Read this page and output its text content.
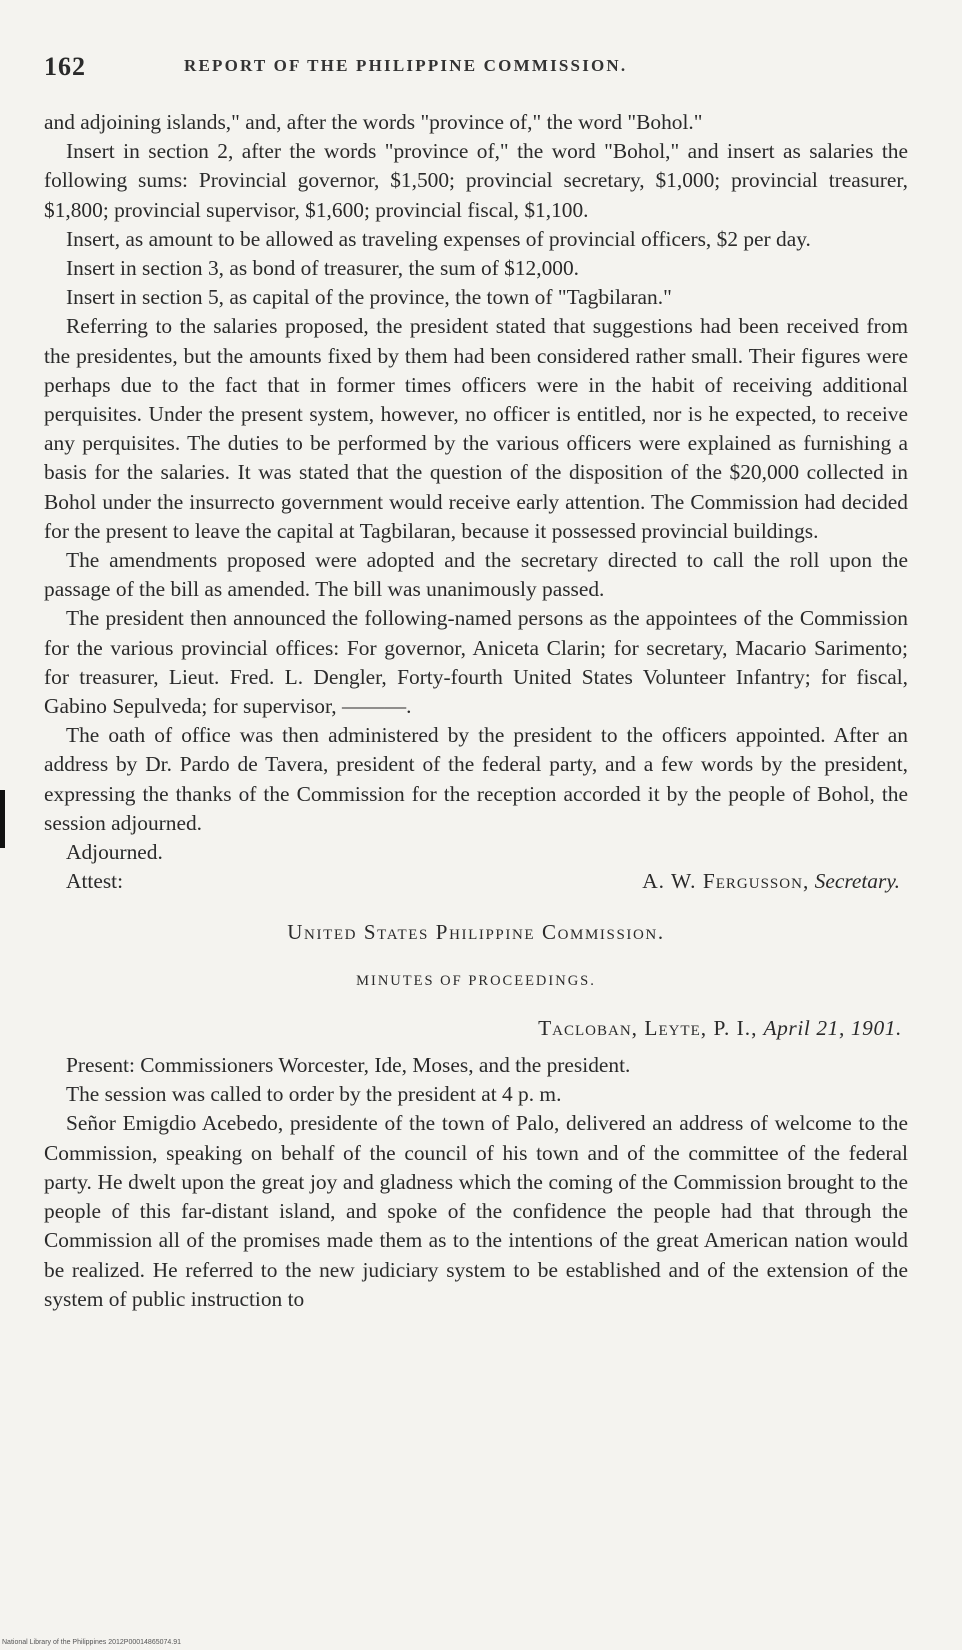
162	REPORT OF THE PHILIPPINE COMMISSION.

and adjoining islands," and, after the words "province of," the word "Bohol."

Insert in section 2, after the words "province of," the word "Bohol," and insert as salaries the following sums: Provincial governor, $1,500; provincial secretary, $1,000; provincial treasurer, $1,800; provincial supervisor, $1,600; provincial fiscal, $1,100.

Insert, as amount to be allowed as traveling expenses of provincial officers, $2 per day.

Insert in section 3, as bond of treasurer, the sum of $12,000.

Insert in section 5, as capital of the province, the town of "Tagbilaran."

Referring to the salaries proposed, the president stated that suggestions had been received from the presidentes, but the amounts fixed by them had been considered rather small. Their figures were perhaps due to the fact that in former times officers were in the habit of receiving additional perquisites. Under the present system, however, no officer is entitled, nor is he expected, to receive any perquisites. The duties to be performed by the various officers were explained as furnishing a basis for the salaries. It was stated that the question of the disposition of the $20,000 collected in Bohol under the insurrecto government would receive early attention. The Commission had decided for the present to leave the capital at Tagbilaran, because it possessed provincial buildings.

The amendments proposed were adopted and the secretary directed to call the roll upon the passage of the bill as amended. The bill was unanimously passed.

The president then announced the following-named persons as the appointees of the Commission for the various provincial offices: For governor, Aniceta Clarin; for secretary, Macario Sarimento; for treasurer, Lieut. Fred. L. Dengler, Forty-fourth United States Volunteer Infantry; for fiscal, Gabino Sepulveda; for supervisor, ———.

The oath of office was then administered by the president to the officers appointed. After an address by Dr. Pardo de Tavera, president of the federal party, and a few words by the president, expressing the thanks of the Commission for the reception accorded it by the people of Bohol, the session adjourned.

Adjourned.
Attest:	A. W. Fergusson, Secretary.
United States Philippine Commission.
MINUTES OF PROCEEDINGS.
Tacloban, Leyte, P. I., April 21, 1901.

Present: Commissioners Worcester, Ide, Moses, and the president.

The session was called to order by the president at 4 p. m.

Señor Emigdio Acebedo, presidente of the town of Palo, delivered an address of welcome to the Commission, speaking on behalf of the council of his town and of the committee of the federal party. He dwelt upon the great joy and gladness which the coming of the Commission brought to the people of this far-distant island, and spoke of the confidence the people had that through the Commission all of the promises made them as to the intentions of the great American nation would be realized. He referred to the new judiciary system to be established and of the extension of the system of public instruction to

National Library of the Philippines 2012P00014865074.91
